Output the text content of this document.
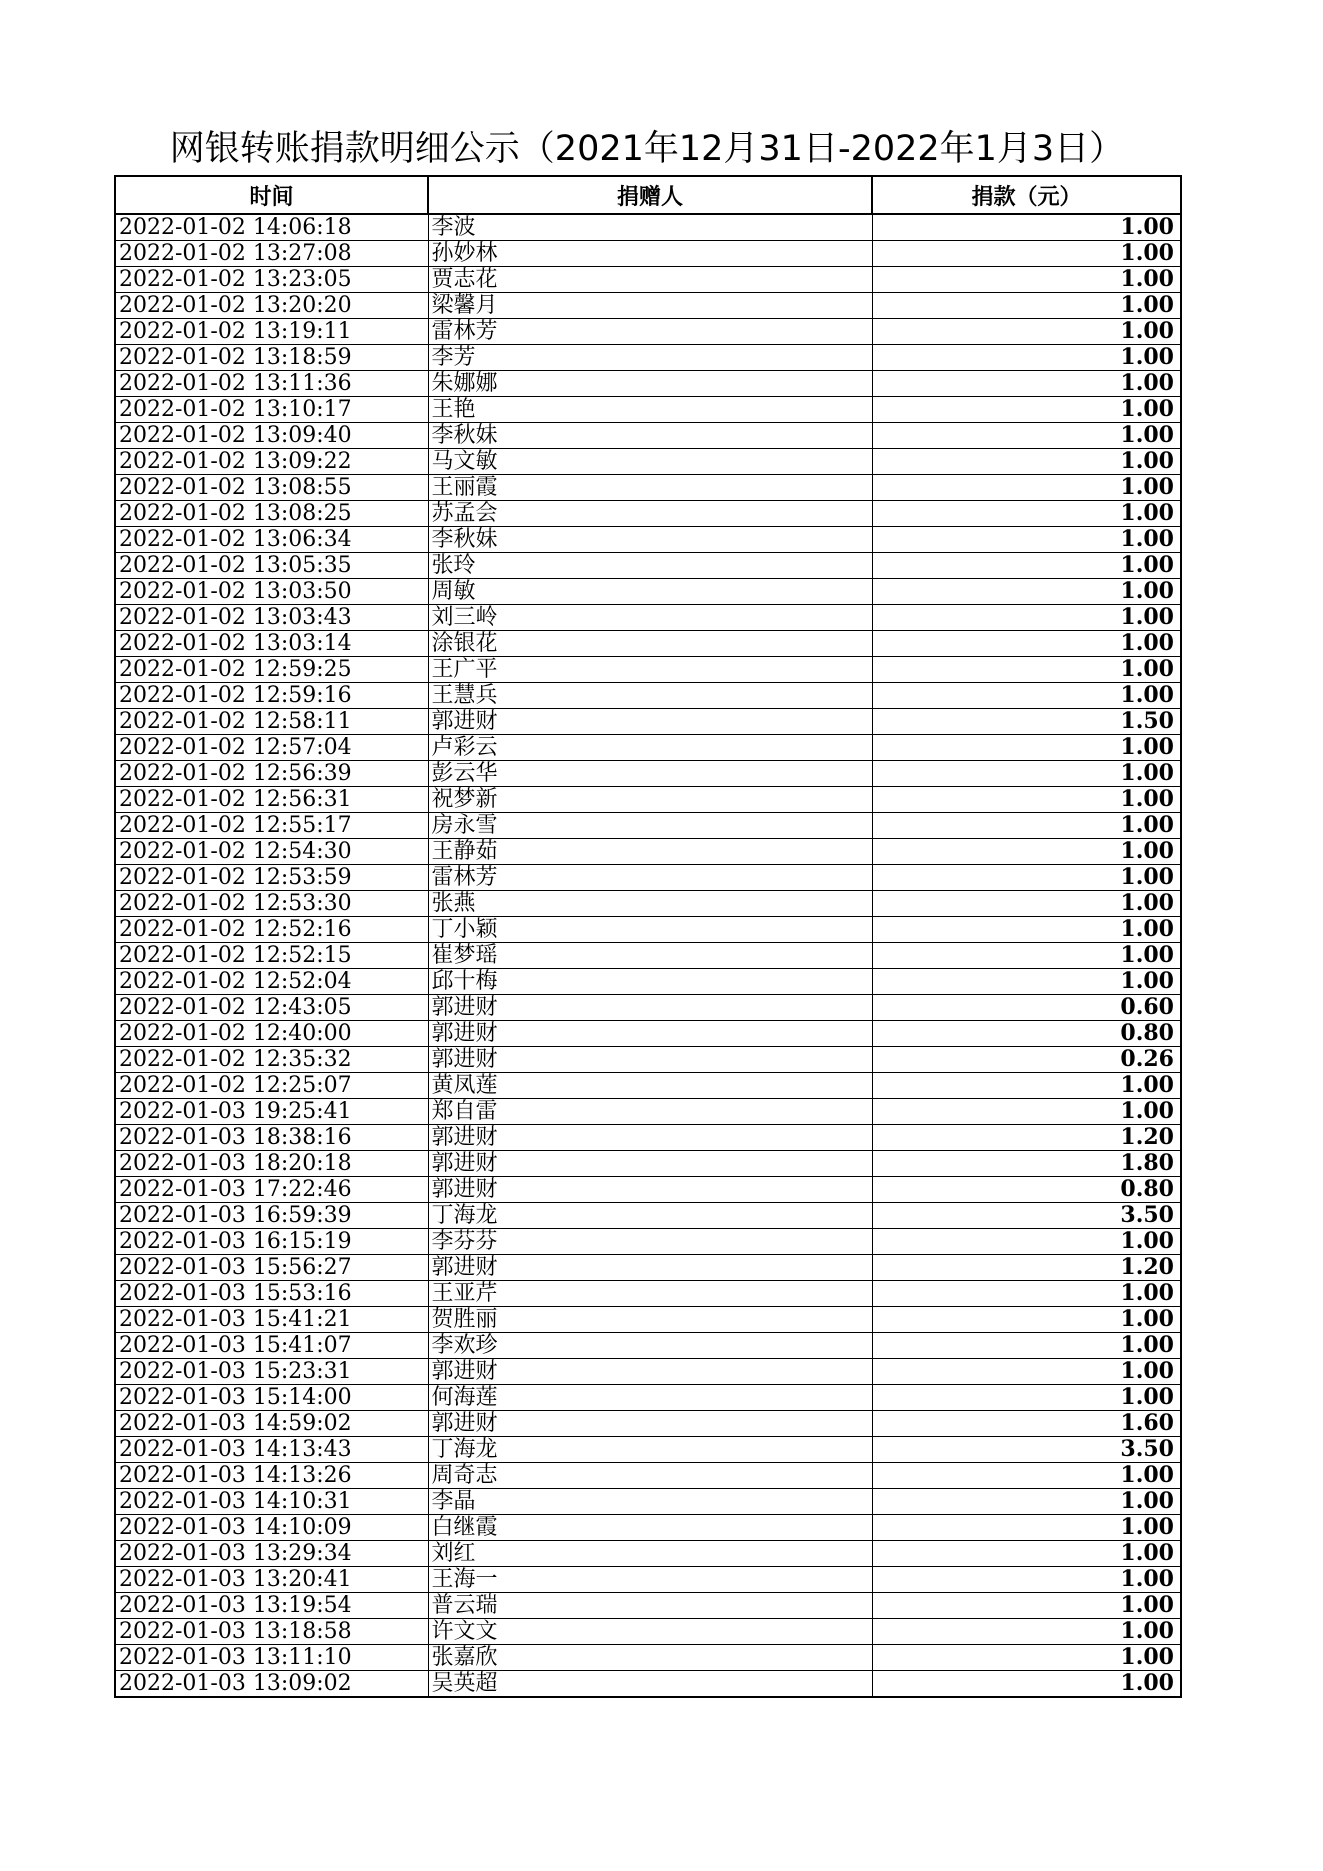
网银转账捐款明细公示（2021年12月31日-2022年1月3日）
时间	捐赠人	捐款（元）
2022-01-02 14:06:18	李波	1.00
2022-01-02 13:27:08	孙妙林	1.00
2022-01-02 13:23:05	贾志花	1.00
2022-01-02 13:20:20	梁馨月	1.00
2022-01-02 13:19:11	雷林芳	1.00
2022-01-02 13:18:59	李芳	1.00
2022-01-02 13:11:36	朱娜娜	1.00
2022-01-02 13:10:17	王艳	1.00
2022-01-02 13:09:40	李秋妹	1.00
2022-01-02 13:09:22	马文敏	1.00
2022-01-02 13:08:55	王丽霞	1.00
2022-01-02 13:08:25	苏孟会	1.00
2022-01-02 13:06:34	李秋妹	1.00
2022-01-02 13:05:35	张玲	1.00
2022-01-02 13:03:50	周敏	1.00
2022-01-02 13:03:43	刘三岭	1.00
2022-01-02 13:03:14	涂银花	1.00
2022-01-02 12:59:25	王广平	1.00
2022-01-02 12:59:16	王慧兵	1.00
2022-01-02 12:58:11	郭进财	1.50
2022-01-02 12:57:04	卢彩云	1.00
2022-01-02 12:56:39	彭云华	1.00
2022-01-02 12:56:31	祝梦新	1.00
2022-01-02 12:55:17	房永雪	1.00
2022-01-02 12:54:30	王静茹	1.00
2022-01-02 12:53:59	雷林芳	1.00
2022-01-02 12:53:30	张燕	1.00
2022-01-02 12:52:16	丁小颖	1.00
2022-01-02 12:52:15	崔梦瑶	1.00
2022-01-02 12:52:04	邱十梅	1.00
2022-01-02 12:43:05	郭进财	0.60
2022-01-02 12:40:00	郭进财	0.80
2022-01-02 12:35:32	郭进财	0.26
2022-01-02 12:25:07	黄凤莲	1.00
2022-01-03 19:25:41	郑自雷	1.00
2022-01-03 18:38:16	郭进财	1.20
2022-01-03 18:20:18	郭进财	1.80
2022-01-03 17:22:46	郭进财	0.80
2022-01-03 16:59:39	丁海龙	3.50
2022-01-03 16:15:19	李芬芬	1.00
2022-01-03 15:56:27	郭进财	1.20
2022-01-03 15:53:16	王亚芹	1.00
2022-01-03 15:41:21	贺胜丽	1.00
2022-01-03 15:41:07	李欢珍	1.00
2022-01-03 15:23:31	郭进财	1.00
2022-01-03 15:14:00	何海莲	1.00
2022-01-03 14:59:02	郭进财	1.60
2022-01-03 14:13:43	丁海龙	3.50
2022-01-03 14:13:26	周奇志	1.00
2022-01-03 14:10:31	李晶	1.00
2022-01-03 14:10:09	白继霞	1.00
2022-01-03 13:29:34	刘红	1.00
2022-01-03 13:20:41	王海一	1.00
2022-01-03 13:19:54	普云瑞	1.00
2022-01-03 13:18:58	许文文	1.00
2022-01-03 13:11:10	张嘉欣	1.00
2022-01-03 13:09:02	吴英超	1.00
